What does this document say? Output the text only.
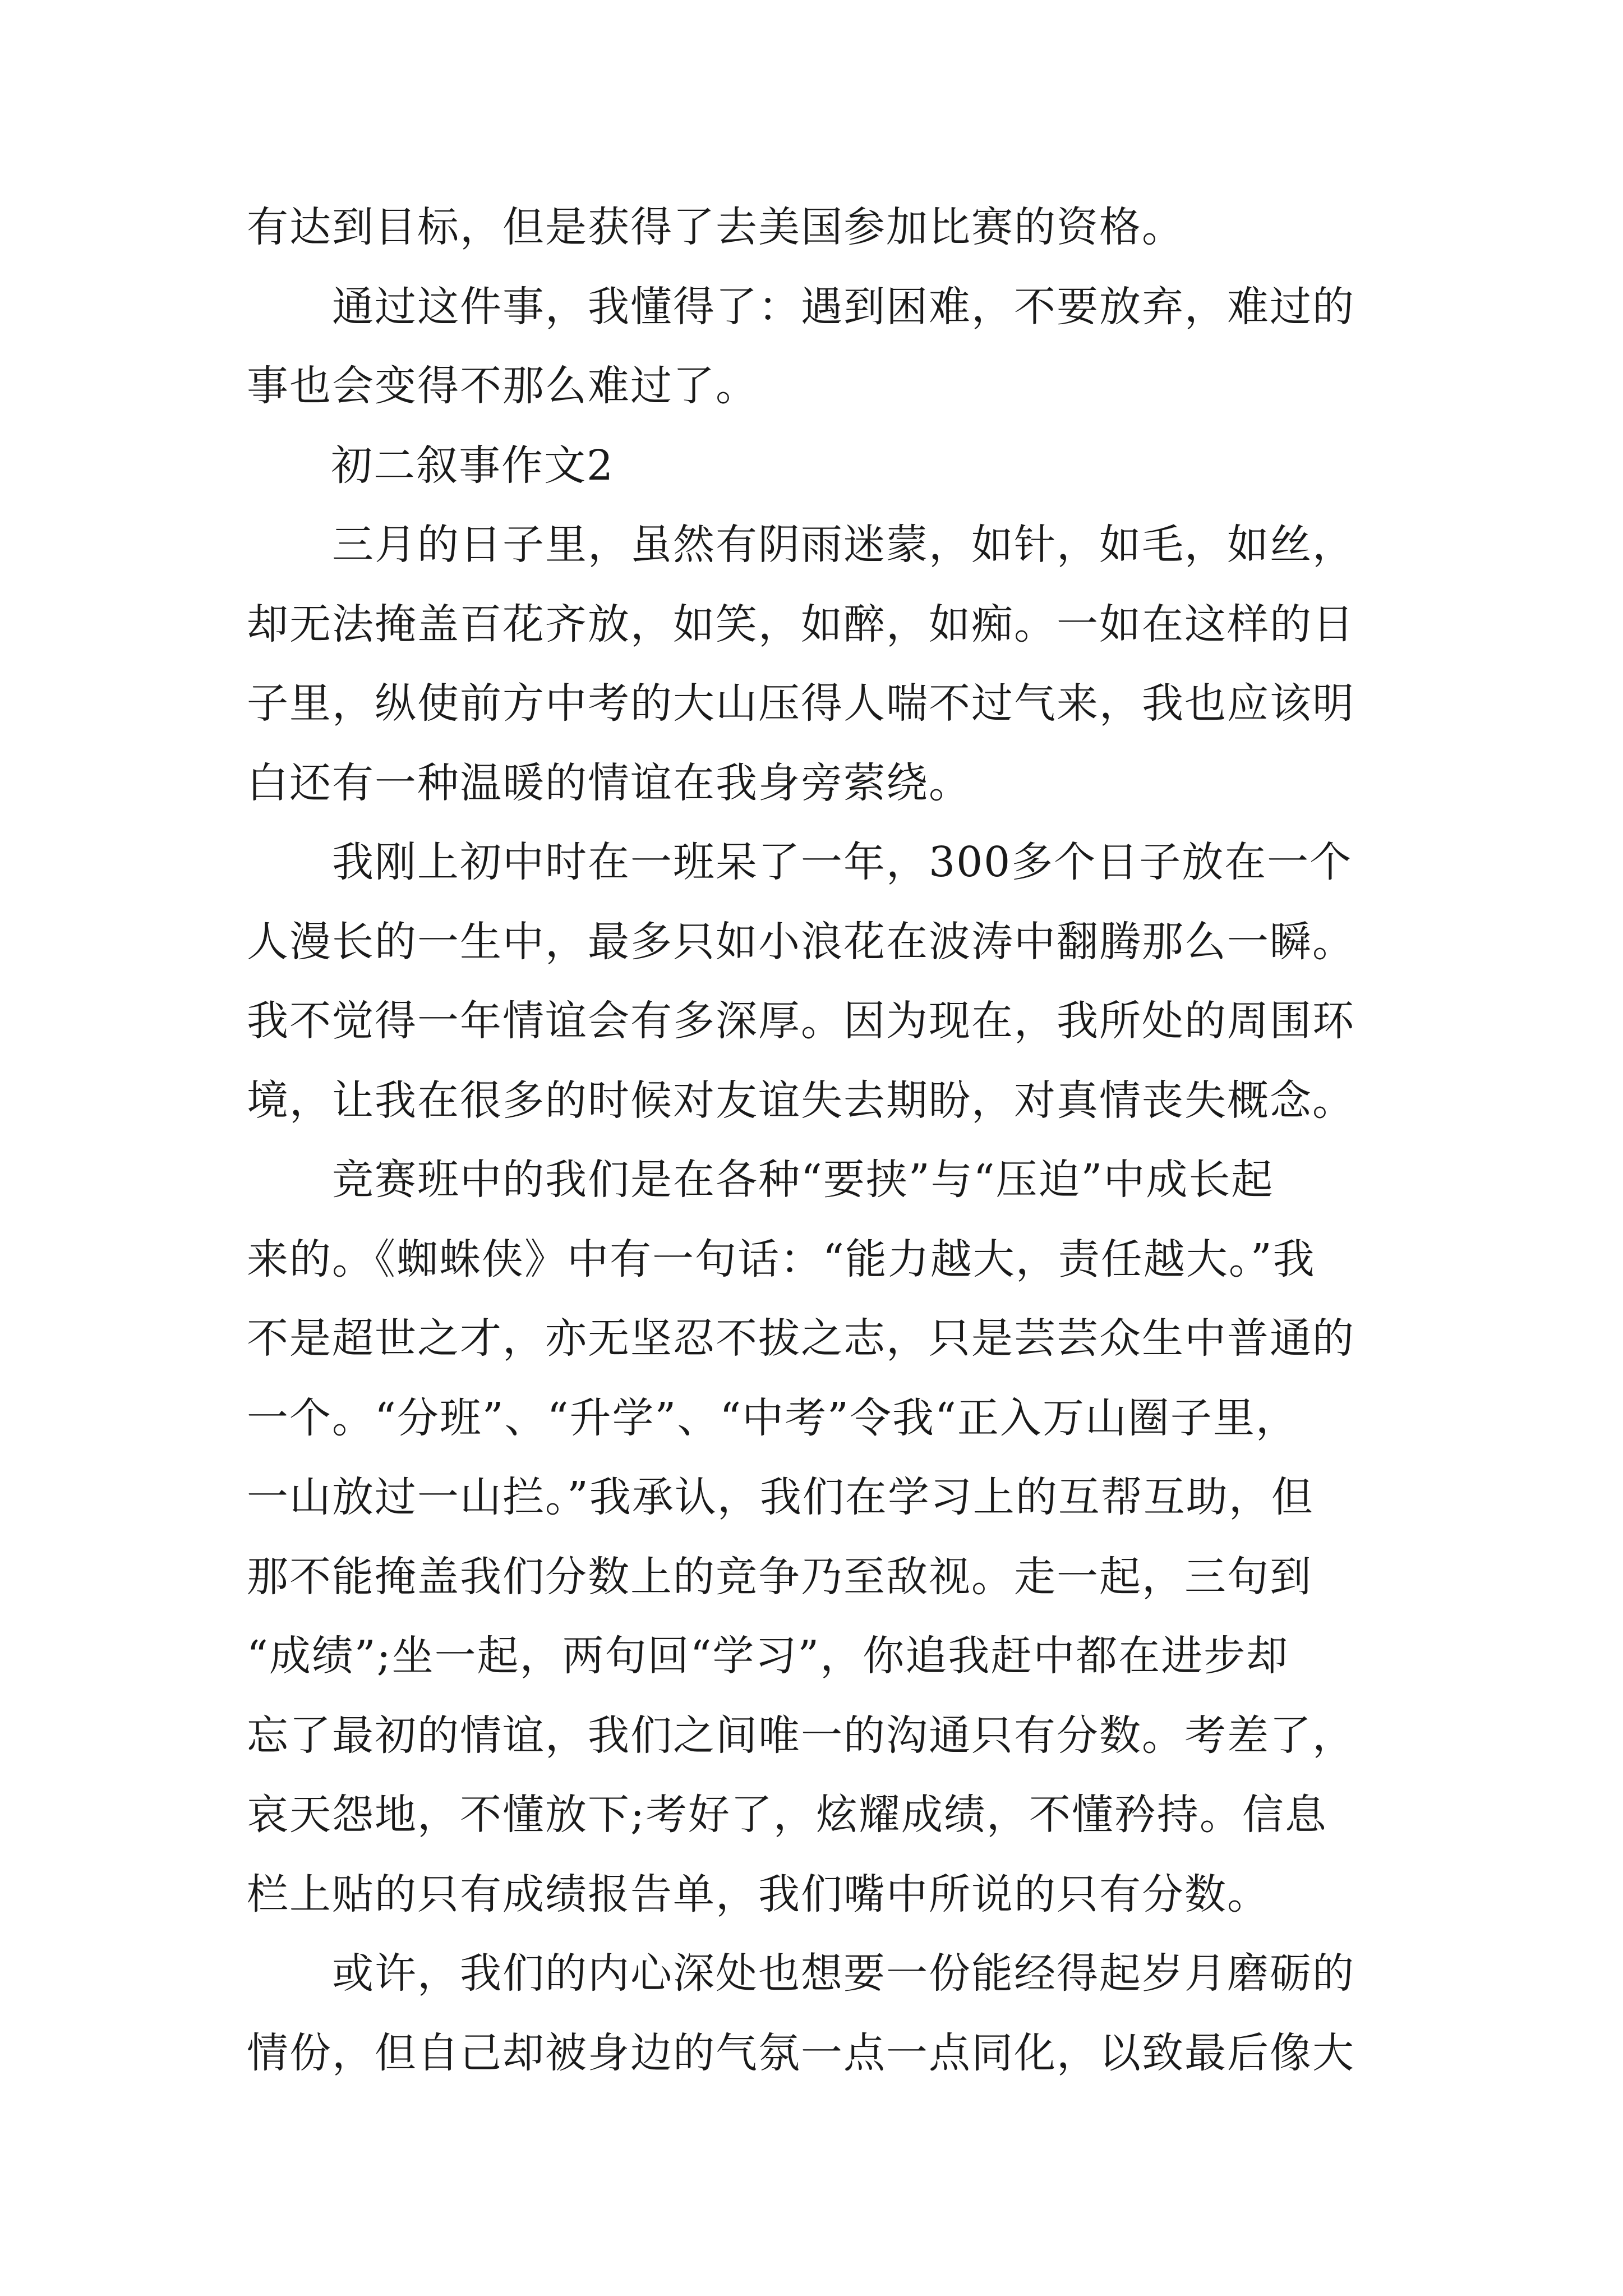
有达到目标，但是获得了去美国参加比赛的资格。
　　通过这件事，我懂得了：遇到困难，不要放弃，难过的
事也会变得不那么难过了。
初二叙事作文2
　　三月的日子里，虽然有阴雨迷蒙，如针，如毛，如丝，
却无法掩盖百花齐放，如笑，如醉，如痴。一如在这样的日
子里，纵使前方中考的大山压得人喘不过气来，我也应该明
白还有一种温暖的情谊在我身旁萦绕。
　　我刚上初中时在一班呆了一年，300多个日子放在一个
人漫长的一生中，最多只如小浪花在波涛中翻腾那么一瞬。
我不觉得一年情谊会有多深厚。因为现在，我所处的周围环
境，让我在很多的时候对友谊失去期盼，对真情丧失概念。
　　竞赛班中的我们是在各种“要挟”与“压迫”中成长起
来的。《蜘蛛侠》中有一句话：“能力越大，责任越大。”我
不是超世之才，亦无坚忍不拔之志，只是芸芸众生中普通的
一个。“分班”、“升学”、“中考”令我“正入万山圈子里，
一山放过一山拦。”我承认，我们在学习上的互帮互助，但
那不能掩盖我们分数上的竞争乃至敌视。走一起，三句到
“成绩”;坐一起，两句回“学习”，你追我赶中都在进步却
忘了最初的情谊，我们之间唯一的沟通只有分数。考差了，
哀天怨地，不懂放下;考好了，炫耀成绩，不懂矜持。信息
栏上贴的只有成绩报告单，我们嘴中所说的只有分数。
　　或许，我们的内心深处也想要一份能经得起岁月磨砺的
情份，但自己却被身边的气氛一点一点同化，以致最后像大
